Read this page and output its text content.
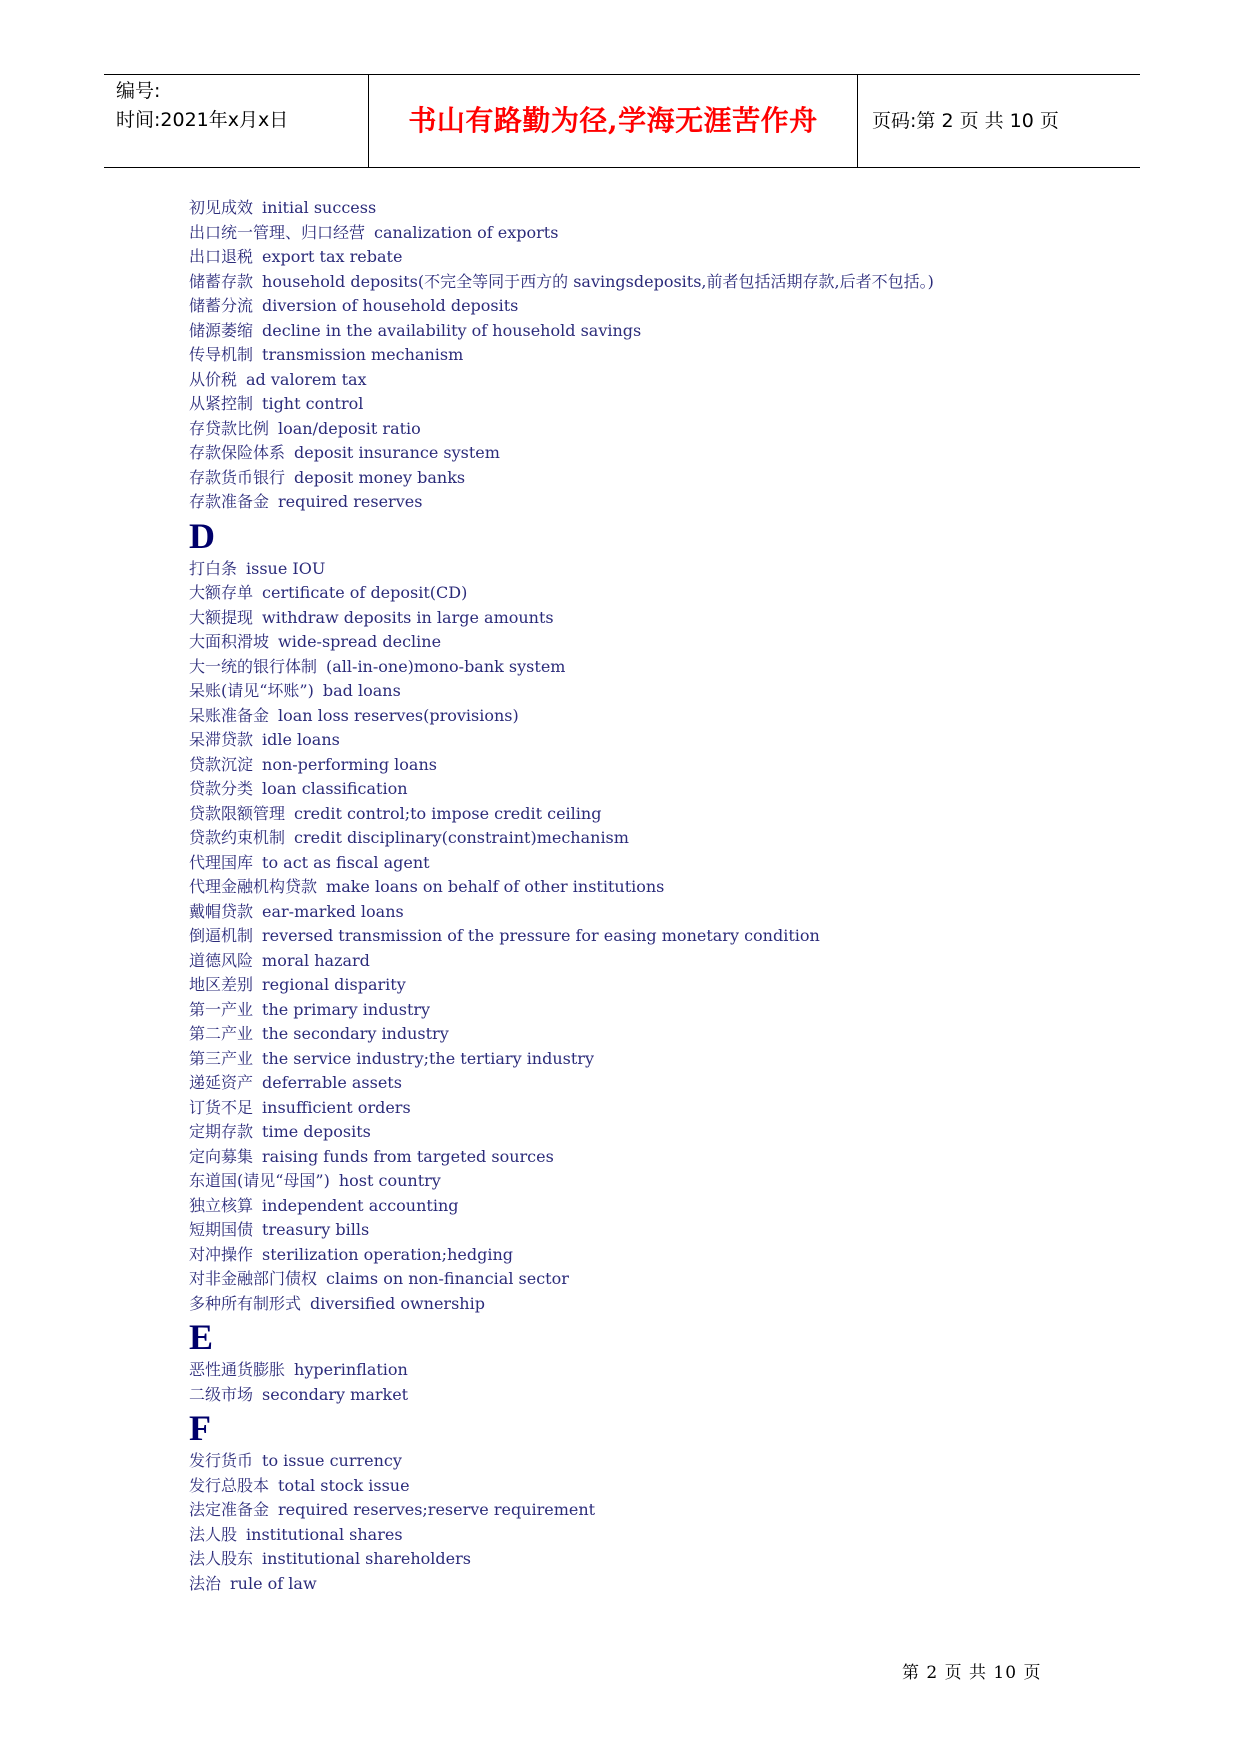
编号:
时间:2021年x月x日	书山有路勤为径,学海无涯苦作舟	页码:第 2 页 共 10 页
初见成效 initial success
出口统一管理、归口经营 canalization of exports
出口退税 export tax rebate
储蓄存款 household deposits(不完全等同于西方的 savingsdeposits,前者包括活期存款,后者不包括。)
储蓄分流 diversion of household deposits
储源萎缩 decline in the availability of household savings
传导机制 transmission mechanism
从价税 ad valorem tax
从紧控制 tight control
存贷款比例 loan/deposit ratio
存款保险体系 deposit insurance system
存款货币银行 deposit money banks
存款准备金 required reserves
D
打白条 issue IOU
大额存单 certificate of deposit(CD)
大额提现 withdraw deposits in large amounts
大面积滑坡 wide-spread decline
大一统的银行体制 (all-in-one)mono-bank system
呆账(请见“坏账”) bad loans
呆账准备金 loan loss reserves(provisions)
呆滞贷款 idle loans
贷款沉淀 non-performing loans
贷款分类 loan classification
贷款限额管理 credit control;to impose credit ceiling
贷款约束机制 credit disciplinary(constraint)mechanism
代理国库 to act as fiscal agent
代理金融机构贷款 make loans on behalf of other institutions
戴帽贷款 ear-marked loans
倒逼机制 reversed transmission of the pressure for easing monetary condition
道德风险 moral hazard
地区差别 regional disparity
第一产业 the primary industry
第二产业 the secondary industry
第三产业 the service industry;the tertiary industry
递延资产 deferrable assets
订货不足 insufficient orders
定期存款 time deposits
定向募集 raising funds from targeted sources
东道国(请见“母国”) host country
独立核算 independent accounting
短期国债 treasury bills
对冲操作 sterilization operation;hedging
对非金融部门债权 claims on non-financial sector
多种所有制形式 diversified ownership
E
恶性通货膨胀 hyperinflation
二级市场 secondary market
F
发行货币 to issue currency
发行总股本 total stock issue
法定准备金 required reserves;reserve requirement
法人股 institutional shares
法人股东 institutional shareholders
法治 rule of law
第 2 页 共 10 页
